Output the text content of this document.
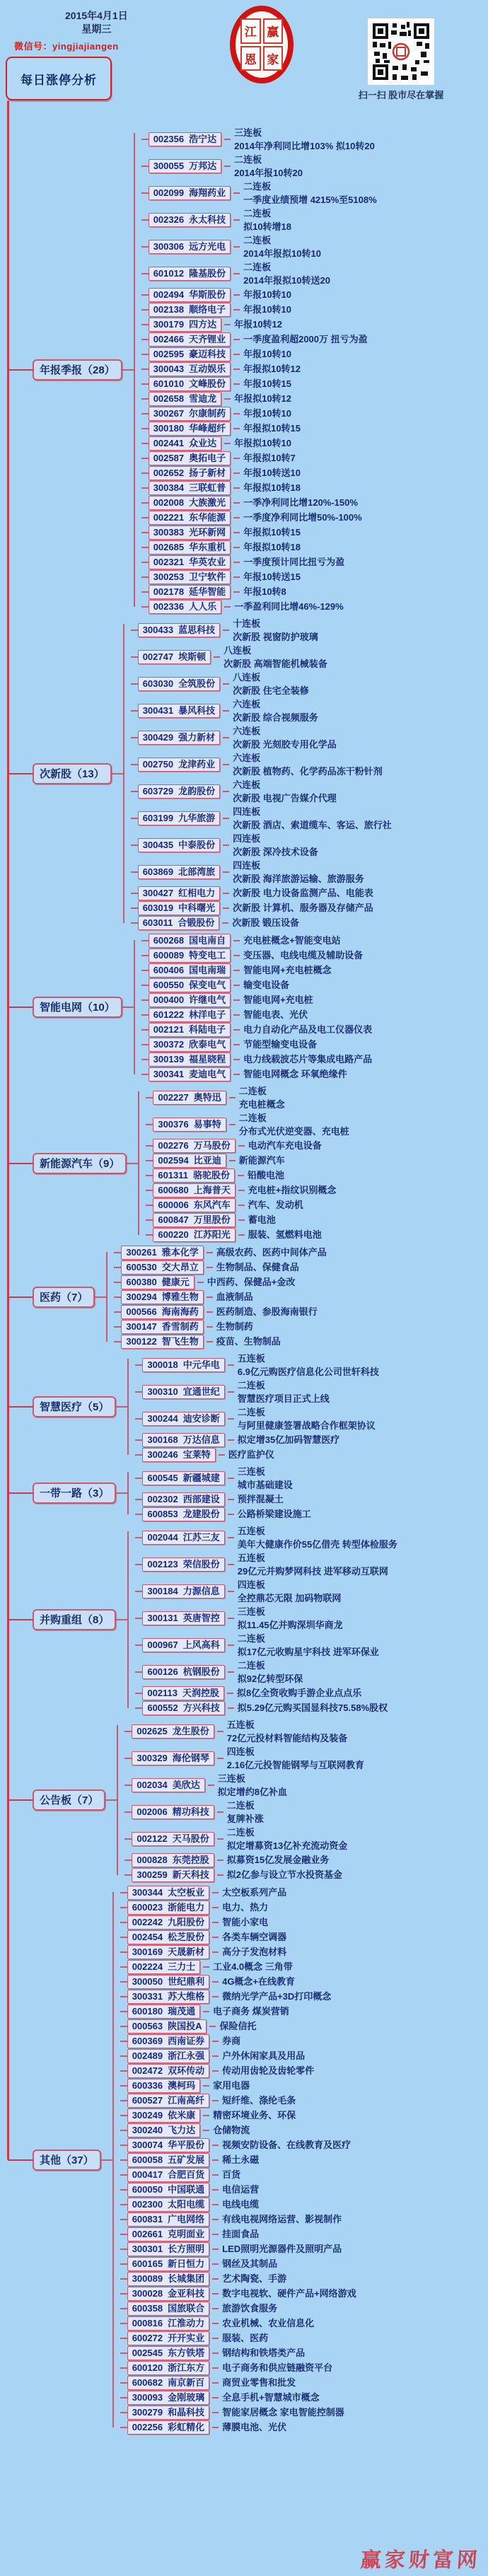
2015年4月1日
星期三
微信号：yingjiajiangen
每日涨停分析
江 赢
恩 家
扫一扫 股市尽在掌握
年报季报（28）
002356 浩宁达
三连板
2014年净利同比增103% 拟10转20
300055 万邦达
二连板
2014年报10转20
002099 海翔药业
二连板
一季度业绩预增 4215%至5108%
002326 永太科技
二连板
拟10转增18
300306 远方光电
二连板
2014年报拟10转10
601012 隆基股份
二连板
2014年报拟10转送20
002494 华斯股份	年报10转10
002138 顺络电子	年报10转10
300179 四方达	年报10转12
002466 天齐锂业	一季度盈利超2000万 扭亏为盈
002595 豪迈科技	年报10转10
300043 互动娱乐	年报拟10转12
601010 文峰股份	年报10转15
002658 雪迪龙	年报拟10转12
300267 尔康制药	年报10转10
300180 华峰超纤	年报拟10转15
002441 众业达	年报拟10转10
002587 奥拓电子	年报拟10转7
002652 扬子新材	年报10转送10
300384 三联虹普	年报拟10转18
002008 大族激光	一季净利同比增120%-150%
002221 东华能源	一季度净利同比增50%-100%
300383 光环新网	年报拟10转15
002685 华东重机	年报拟10转18
002321 华英农业	一季度预计同比扭亏为盈
300253 卫宁软件	年报10转送15
002178 延华智能	年报10转8
002336 人人乐	一季盈利同比增46%-129%
次新股（13）
300433 蓝思科技
十连板
次新股 视窗防护玻璃
002747 埃斯顿
八连板
次新股 高端智能机械装备
603030 全筑股份
八连板
次新股 住宅全装修
300431 暴风科技
六连板
次新股 综合视频服务
300429 强力新材
六连板
次新股 光刻胶专用化学品
002750 龙津药业
六连板
次新股 植物药、化学药品冻干粉针剂
603729 龙韵股份
六连板
次新股 电视广告媒介代理
603199 九华旅游
四连板
次新股 酒店、索道缆车、客运、旅行社
300435 中泰股份
四连板
次新股 深冷技术设备
603869 北部湾旅
四连板
次新股 海洋旅游运输、旅游服务
300427 红相电力	次新股 电力设备监测产品、电能表
603019 中科曙光	次新股 计算机、服务器及存储产品
603011 合锻股份	次新股 锻压设备
智能电网（10）
600268 国电南自	充电桩概念+智能变电站
600089 特变电工	变压器、电线电缆及辅助设备
600406 国电南瑞	智能电网+充电桩概念
600550 保变电气	输变电设备
000400 许继电气	智能电网+充电桩
601222 林洋电子	智能电表、光伏
002121 科陆电子	电力自动化产品及电工仪器仪表
300372 欣泰电气	节能型输变电设备
300139 福星晓程	电力线载波芯片等集成电路产品
300341 麦迪电气	智能电网概念 环氧绝缘件
新能源汽车（9）
002227 奥特迅
二连板
充电桩概念
300376 易事特
二连板
分布式光伏逆变器、充电桩
002276 万马股份	电动汽车充电设备
002594 比亚迪	新能源汽车
601311 骆驼股份	铅酸电池
600680 上海普天	充电桩+指纹识别概念
600006 东风汽车	汽车、发动机
600847 万里股份	蓄电池
600220 江苏阳光	服装、氢燃料电池
医药（7）
300261 雅本化学	高级农药、医药中间体产品
600530 交大昂立	生物制品、保健食品
600380 健康元	中西药、保健品+金改
300294 博雅生物	血液制品
000566 海南海药	医药制造、参股海南银行
300147 香雪制药	生物制药
300122 智飞生物	疫苗、生物制品
智慧医疗（5）
300018 中元华电
五连板
6.9亿元购医疗信息化公司世轩科技
300310 宜通世纪
二连板
智慧医疗项目正式上线
300244 迪安诊断
二连板
与阿里健康签署战略合作框架协议
300168 万达信息	拟定增35亿加码智慧医疗
300246 宝莱特	医疗监护仪
一带一路（3）
600545 新疆城建
三连板
城市基础建设
002302 西部建设	预拌混凝土
600853 龙建股份	公路桥梁建设施工
并购重组（8）
002044 江苏三友
五连板
美年大健康作价55亿借壳 转型体检服务
002123 荣信股份
五连板
29亿元并购梦网科技 进军移动互联网
300184 力源信息
四连板
全控鼎芯无限 加码物联网
300131 英唐智控
三连板
拟11.45亿并购深圳华商龙
000967 上风高科
二连板
拟17亿元收购星宇科技 进军环保业
600126 杭钢股份
二连板
拟92亿转型环保
002113 天润控股	拟8亿全资收购手游企业点点乐
600552 方兴科技	拟5.29亿元购买国显科技75.58%股权
公告板（7）
002625 龙生股份
五连板
72亿元投材料智能结构及装备
300329 海伦钢琴
四连板
2.16亿元投智能钢琴与互联网教育
002034 美欣达
三连板
拟定增约8亿补血
002006 精功科技
二连板
复牌补涨
002122 天马股份
二连板
拟定增募资13亿补充流动资金
000828 东莞控股	拟募资15亿发展金融业务
300259 新天科技	拟2亿参与设立节水投资基金
其他（37）
300344 太空板业	太空板系列产品
600023 浙能电力	电力、热力
002242 九阳股份	智能小家电
002454 松芝股份	各类车辆空调器
300169 天晟新材	高分子发泡材料
002224 三力士	工业4.0概念 三角带
300050 世纪鼎利	4G概念+在线教育
300331 苏大维格	微纳光学产品+3D打印概念
600180 瑞茂通	电子商务 煤炭营销
000563 陕国投A	保险信托
600369 西南证券	券商
002489 浙江永强	户外休闲家具及用品
002472 双环传动	传动用齿轮及齿轮零件
600336 澳柯玛	家用电器
600527 江南高纤	短纤维、涤纶毛条
300249 依米康	精密环境业务、环保
300240 飞力达	仓储物流
300074 华平股份	视频安防设备、在线教育及医疗
600058 五矿发展	稀土永磁
000417 合肥百货	百货
600050 中国联通	电信运营
002300 太阳电缆	电线电缆
600831 广电网络	有线电视网络运营、影视制作
002661 克明面业	挂面食品
300301 长方照明	LED照明光源器件及照明产品
600165 新日恒力	钢丝及其制品
300089 长城集团	艺术陶瓷、手游
300028 金亚科技	数字电视软、硬件产品+网络游戏
600358 国旅联合	旅游饮食服务
000816 江淮动力	农业机械、农业信息化
600272 开开实业	服装、医药
002545 东方铁塔	钢结构和铁塔类产品
600120 浙江东方	电子商务和供应链融资平台
600682 南京新百	商贸业零售和批发
300093 金刚玻璃	全息手机+智慧城市概念
300279 和晶科技	智能家居概念 家电智能控制器
002256 彩虹精化	薄膜电池、光伏
赢家财富网
